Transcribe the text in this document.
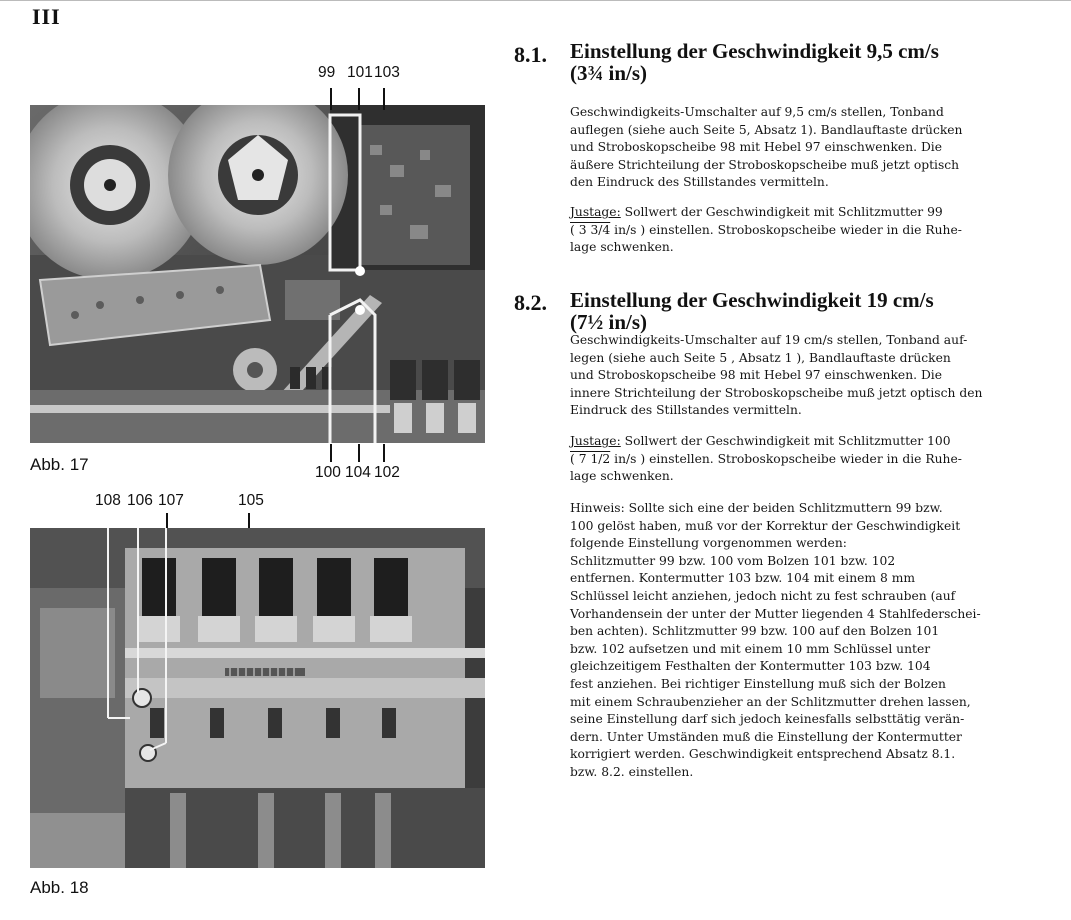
III
99 101 103
Abb. 17	100 104 102
108 106 107	105
Abb. 18
8.1. Einstellung der Geschwindigkeit 9,5 cm/s
(3¾ in/s)

Geschwindigkeits-Umschalter auf 9,5 cm/s stellen, Tonband

auflegen (siehe auch Seite 5, Absatz 1). Bandlauftaste drücken

und Stroboskopscheibe 98 mit Hebel 97 einschwenken. Die

äußere Strichteilung der Stroboskopscheibe muß jetzt optisch

den Eindruck des Stillstandes vermitteln.

Justage: Sollwert der Geschwindigkeit mit Schlitzmutter 99

( 3 3/4 in/s ) einstellen. Stroboskopscheibe wieder in die Ruhe-

lage schwenken.

8.2. Einstellung der Geschwindigkeit 19 cm/s
(7½ in/s)

Geschwindigkeits-Umschalter auf 19 cm/s stellen, Tonband auf-

legen (siehe auch Seite 5 , Absatz 1 ), Bandlauftaste drücken

und Stroboskopscheibe 98 mit Hebel 97 einschwenken. Die

innere Strichteilung der Stroboskopscheibe muß jetzt optisch den

Eindruck des Stillstandes vermitteln.

Justage: Sollwert der Geschwindigkeit mit Schlitzmutter 100

( 7 1/2 in/s ) einstellen. Stroboskopscheibe wieder in die Ruhe-

lage schwenken.

Hinweis: Sollte sich eine der beiden Schlitzmuttern 99 bzw.

100 gelöst haben, muß vor der Korrektur der Geschwindigkeit

folgende Einstellung vorgenommen werden:

Schlitzmutter 99 bzw. 100 vom Bolzen 101 bzw. 102

entfernen. Kontermutter 103 bzw. 104 mit einem 8 mm

Schlüssel leicht anziehen, jedoch nicht zu fest schrauben (auf

Vorhandensein der unter der Mutter liegenden 4 Stahlfederschei-

ben achten). Schlitzmutter 99 bzw. 100 auf den Bolzen 101

bzw. 102 aufsetzen und mit einem 10 mm Schlüssel unter

gleichzeitigem Festhalten der Kontermutter 103 bzw. 104

fest anziehen. Bei richtiger Einstellung muß sich der Bolzen

mit einem Schraubenzieher an der Schlitzmutter drehen lassen,

seine Einstellung darf sich jedoch keinesfalls selbsttätig verän-

dern. Unter Umständen muß die Einstellung der Kontermutter

korrigiert werden. Geschwindigkeit entsprechend Absatz 8.1.

bzw. 8.2. einstellen.
